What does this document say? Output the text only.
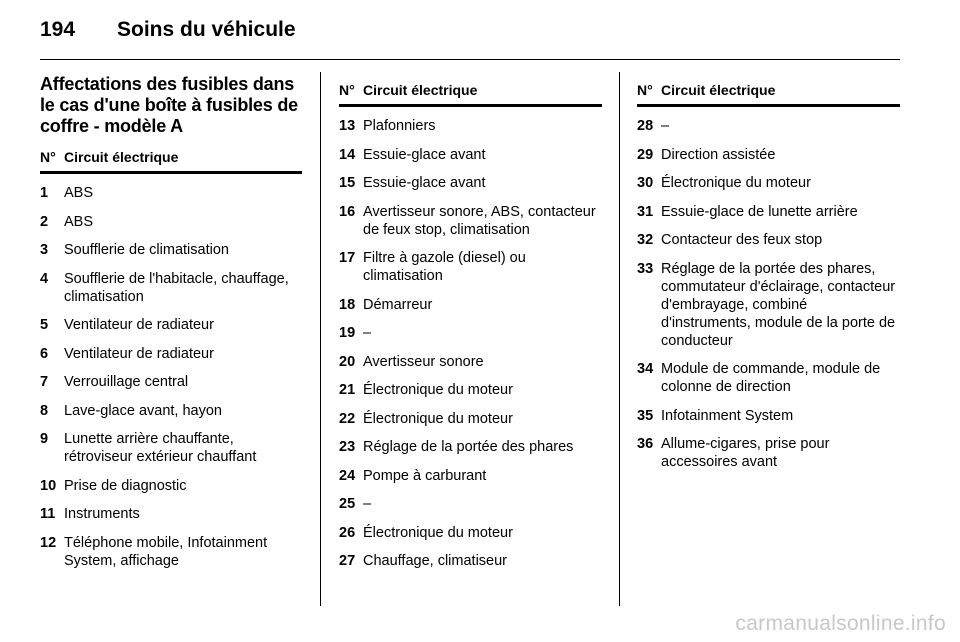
194 Soins du véhicule
Affectations des fusibles dans le cas d'une boîte à fusibles de coffre - modèle A
N° Circuit électrique
1	ABS
2	ABS
3	Soufflerie de climatisation
4	Soufflerie de l'habitacle, chauffage, climatisation
5	Ventilateur de radiateur
6	Ventilateur de radiateur
7	Verrouillage central
8	Lave-glace avant, hayon
9	Lunette arrière chauffante, rétroviseur extérieur chauffant
10 Prise de diagnostic
11 Instruments
12 Téléphone mobile, Infotainment System, affichage
N° Circuit électrique
13 Plafonniers
14 Essuie-glace avant
15 Essuie-glace avant
16 Avertisseur sonore, ABS, contacteur de feux stop, climatisation
17 Filtre à gazole (diesel) ou climatisation
18 Démarreur
19 –
20 Avertisseur sonore
21 Électronique du moteur
22 Électronique du moteur
23 Réglage de la portée des phares
24 Pompe à carburant
25 –
26 Électronique du moteur
27 Chauffage, climatiseur
N° Circuit électrique
28 –
29 Direction assistée
30 Électronique du moteur
31 Essuie-glace de lunette arrière
32 Contacteur des feux stop
33 Réglage de la portée des phares, commutateur d'éclairage, contacteur d'embrayage, combiné d'instruments, module de la porte de conducteur
34 Module de commande, module de colonne de direction
35 Infotainment System
36 Allume-cigares, prise pour accessoires avant
carmanualsonline.info
